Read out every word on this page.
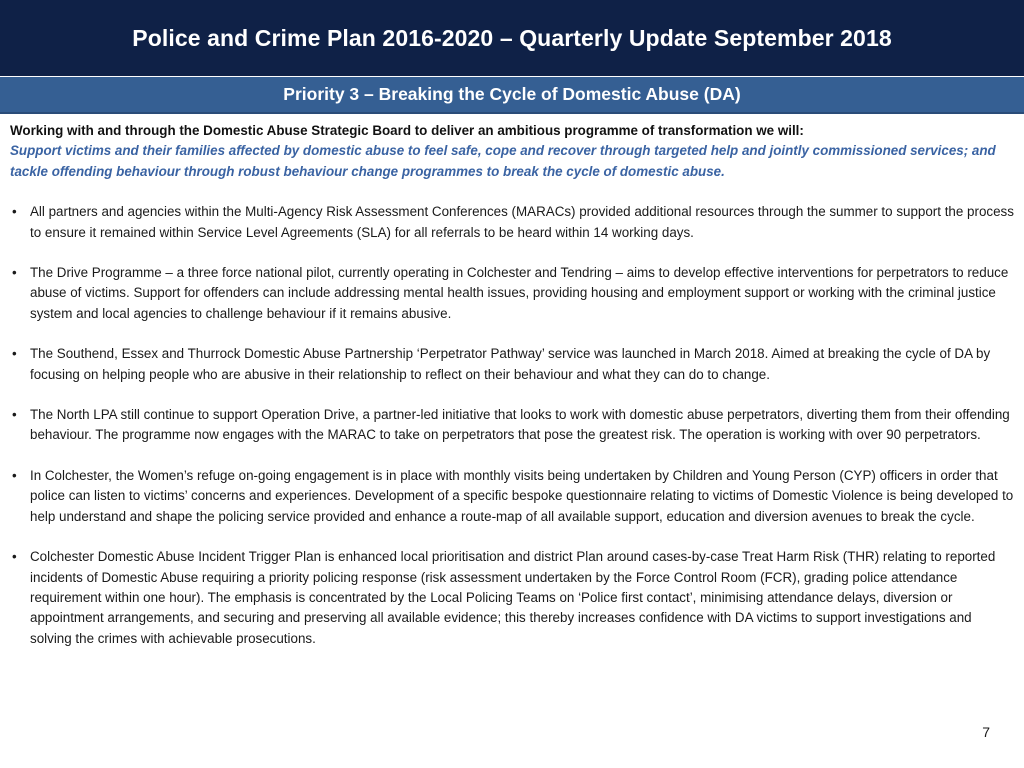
Police and Crime Plan 2016-2020 – Quarterly Update September 2018
Priority 3 – Breaking the Cycle of Domestic Abuse (DA)

Working with and through the Domestic Abuse Strategic Board to deliver an ambitious programme of transformation we will:

Support victims and their families affected by domestic abuse to feel safe, cope and recover through targeted help and jointly commissioned services; and tackle offending behaviour through robust behaviour change programmes to break the cycle of domestic abuse.

• All partners and agencies within the Multi-Agency Risk Assessment Conferences (MARACs) provided additional resources through the summer to support the process to ensure it remained within Service Level Agreements (SLA) for all referrals to be heard within 14 working days.
• The Drive Programme – a three force national pilot, currently operating in Colchester and Tendring – aims to develop effective interventions for perpetrators to reduce abuse of victims. Support for offenders can include addressing mental health issues, providing housing and employment support or working with the criminal justice system and local agencies to challenge behaviour if it remains abusive.
• The Southend, Essex and Thurrock Domestic Abuse Partnership ‘Perpetrator Pathway’ service was launched in March 2018. Aimed at breaking the cycle of DA by focusing on helping people who are abusive in their relationship to reflect on their behaviour and what they can do to change.
• The North LPA still continue to support Operation Drive, a partner-led initiative that looks to work with domestic abuse perpetrators, diverting them from their offending behaviour. The programme now engages with the MARAC to take on perpetrators that pose the greatest risk. The operation is working with over 90 perpetrators.
• In Colchester, the Women’s refuge on-going engagement is in place with monthly visits being undertaken by Children and Young Person (CYP) officers in order that police can listen to victims’ concerns and experiences. Development of a specific bespoke questionnaire relating to victims of Domestic Violence is being developed to help understand and shape the policing service provided and enhance a route-map of all available support, education and diversion avenues to break the cycle.
• Colchester Domestic Abuse Incident Trigger Plan is enhanced local prioritisation and district Plan around cases-by-case Treat Harm Risk (THR) relating to reported incidents of Domestic Abuse requiring a priority policing response (risk assessment undertaken by the Force Control Room (FCR), grading police attendance requirement within one hour). The emphasis is concentrated by the Local Policing Teams on ‘Police first contact’, minimising attendance delays, diversion or appointment arrangements, and securing and preserving all available evidence; this thereby increases confidence with DA victims to support investigations and solving the crimes with achievable prosecutions.
7
